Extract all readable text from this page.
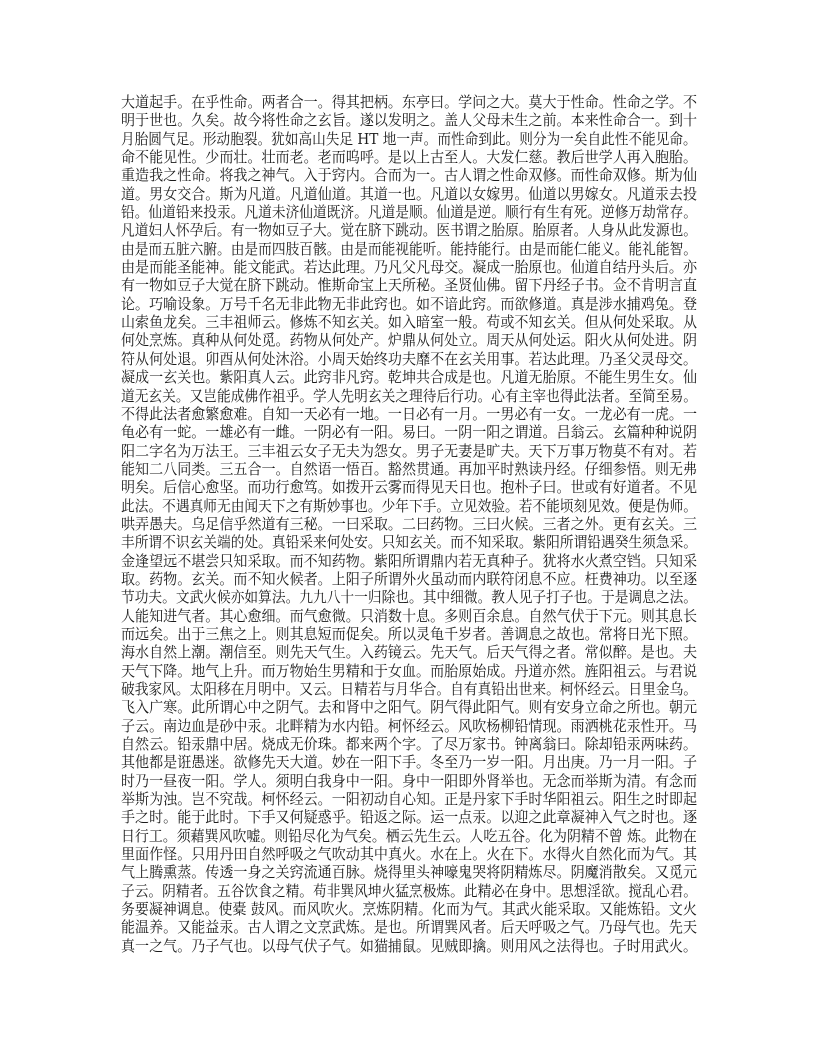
大道起手。在乎性命。两者合一。得其把柄。东亭曰。学问之大。莫大于性命。性命之学。不
明于世也。久矣。故今将性命之玄旨。遂以发明之。盖人父母未生之前。本来性命合一。到十
月胎圆气足。形动胞裂。犹如高山失足 HT 地一声。而性命到此。则分为一矣自此性不能见命。
命不能见性。少而壮。壮而老。老而呜呼。是以上古至人。大发仁慈。教后世学人再入胞胎。
重造我之性命。将我之神气。入于窍内。合而为一。古人谓之性命双修。而性命双修。斯为仙
道。男女交合。斯为凡道。凡道仙道。其道一也。凡道以女嫁男。仙道以男嫁女。凡道汞去投
铅。仙道铅来投汞。凡道未济仙道既济。凡道是顺。仙道是逆。顺行有生有死。逆修万劫常存。
凡道妇人怀孕后。有一物如豆子大。觉在脐下跳动。医书谓之胎原。胎原者。人身从此发源也。
由是而五脏六腑。由是而四肢百骸。由是而能视能听。能持能行。由是而能仁能义。能礼能智。
由是而能圣能神。能文能武。若达此理。乃凡父凡母交。凝成一胎原也。仙道自结丹头后。亦
有一物如豆子大觉在脐下跳动。惟斯命宝上天所秘。圣贤仙佛。留下丹经子书。佥不肯明言直
论。巧喻设象。万号千名无非此物无非此窍也。如不谙此窍。而欲修道。真是涉水捕鸡兔。登
山索鱼龙矣。三丰祖师云。修炼不知玄关。如入暗室一般。苟或不知玄关。但从何处采取。从
何处烹炼。真种从何处觅。药物从何处产。炉鼎从何处立。周天从何处运。阳火从何处进。阴
符从何处退。卯酉从何处沐浴。小周天始终功夫靡不在玄关用事。若达此理。乃圣父灵母交。
凝成一玄关也。紫阳真人云。此窍非凡窍。乾坤共合成是也。凡道无胎原。不能生男生女。仙
道无玄关。又岂能成佛作祖乎。学人先明玄关之理待后行功。心有主宰也得此法者。至简至易。
不得此法者愈繁愈难。自知一天必有一地。一日必有一月。一男必有一女。一龙必有一虎。一
龟必有一蛇。一雄必有一雌。一阴必有一阳。易曰。一阴一阳之谓道。吕翁云。玄篇种种说阴
阳二字名为万法王。三丰祖云女子无夫为怨女。男子无妻是旷夫。天下万事万物莫不有对。若
能知二八同类。三五合一。自然语一悟百。豁然贯通。再加平时熟读丹经。仔细参悟。则无弗
明矣。后信心愈坚。而功行愈笃。如拨开云雾而得见天日也。抱朴子曰。世或有好道者。不见
此法。不遇真师无由闻天下之有斯妙事也。少年下手。立见效验。若不能顷刻见效。便是伪师。
哄弄愚夫。乌足信乎然道有三秘。一曰采取。二曰药物。三曰火候。三者之外。更有玄关。三
丰所谓不识玄关端的处。真铅采来何处安。只知玄关。而不知采取。紫阳所谓铅遇癸生须急采。
金逢望远不堪尝只知采取。而不知药物。紫阳所谓鼎内若无真种子。犹将水火煮空铛。只知采
取。药物。玄关。而不知火候者。上阳子所谓外火虽动而内联符闭息不应。枉费神功。以至逐
节功夫。文武火候亦如算法。九九八十一归除也。其中细微。教人见子打子也。于是调息之法。
人能知进气者。其心愈细。而气愈微。只消数十息。多则百余息。自然气伏于下元。则其息长
而远矣。出于三焦之上。则其息短而促矣。所以灵龟千岁者。善调息之故也。常将日光下照。
海水自然上潮。潮信至。则先天气生。入药镜云。先天气。后天气得之者。常似醉。是也。夫
天气下降。地气上升。而万物始生男精和于女血。而胎原始成。丹道亦然。旌阳祖云。与君说
破我家风。太阳移在月明中。又云。日精若与月华合。自有真铅出世来。柯怀经云。日里金乌。
飞入广寒。此所谓心中之阴气。去和肾中之阳气。阴气得此阳气。则有安身立命之所也。朝元
子云。南边血是砂中汞。北畔精为水内铅。柯怀经云。风吹杨柳铅情现。雨洒桃花汞性开。马
自然云。铅汞鼎中居。烧成无价珠。都来两个字。了尽万家书。钟离翁曰。除却铅汞两味药。
其他都是诳愚迷。欲修先天大道。妙在一阳下手。冬至乃一岁一阳。月出庚。乃一月一阳。子
时乃一昼夜一阳。学人。须明白我身中一阳。身中一阳即外肾举也。无念而举斯为清。有念而
举斯为浊。岂不究哉。柯怀经云。一阳初动自心知。正是丹家下手时华阳祖云。阳生之时即起
手之时。能于此时。下手又何疑惑乎。铅返之际。运一点汞。以迎之此章凝神入气之时也。逐
日行工。须藉巽风吹嘘。则铅尽化为气矣。栖云先生云。人吃五谷。化为阴精不曾 炼。此物在
里面作怪。只用丹田自然呼吸之气吹动其中真火。水在上。火在下。水得火自然化而为气。其
气上腾熏蒸。传透一身之关窍流通百脉。烧得里头神嚎鬼哭将阴精炼尽。阴魔消散矣。又觅元
子云。阴精者。五谷饮食之精。苟非巽风坤火猛烹极炼。此精必在身中。思想淫欲。搅乱心君。
务要凝神调息。使橐 鼓风。而风吹火。烹炼阴精。化而为气。其武火能采取。又能炼铅。文火
能温养。又能益汞。古人谓之文烹武炼。是也。所谓巽风者。后天呼吸之气。乃母气也。先天
真一之气。乃子气也。以母气伏子气。如猫捕鼠。见贼即擒。则用风之法得也。子时用武火。
